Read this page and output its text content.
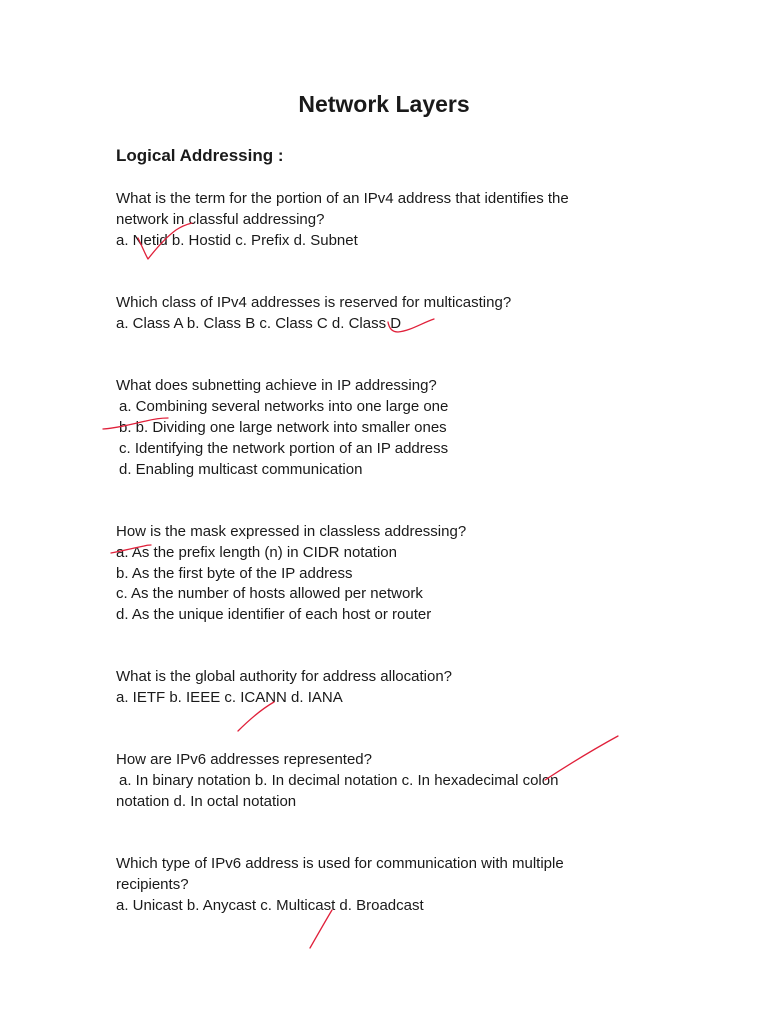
Network Layers
Logical Addressing :
What is the term for the portion of an IPv4 address that identifies the
network in classful addressing?
a. Netid b. Hostid c. Prefix d. Subnet
Which class of IPv4 addresses is reserved for multicasting?
a. Class A b. Class B c. Class C d. Class D
What does subnetting achieve in IP addressing?
a. Combining several networks into one large one
b. b. Dividing one large network into smaller ones
c. Identifying the network portion of an IP address
d. Enabling multicast communication
How is the mask expressed in classless addressing?
a. As the prefix length (n) in CIDR notation
b. As the first byte of the IP address
c. As the number of hosts allowed per network
d. As the unique identifier of each host or router
What is the global authority for address allocation?
a. IETF b. IEEE c. ICANN d. IANA
How are IPv6 addresses represented?
a. In binary notation b. In decimal notation c. In hexadecimal colon
notation d. In octal notation
Which type of IPv6 address is used for communication with multiple
recipients?
a. Unicast b. Anycast c. Multicast d. Broadcast
